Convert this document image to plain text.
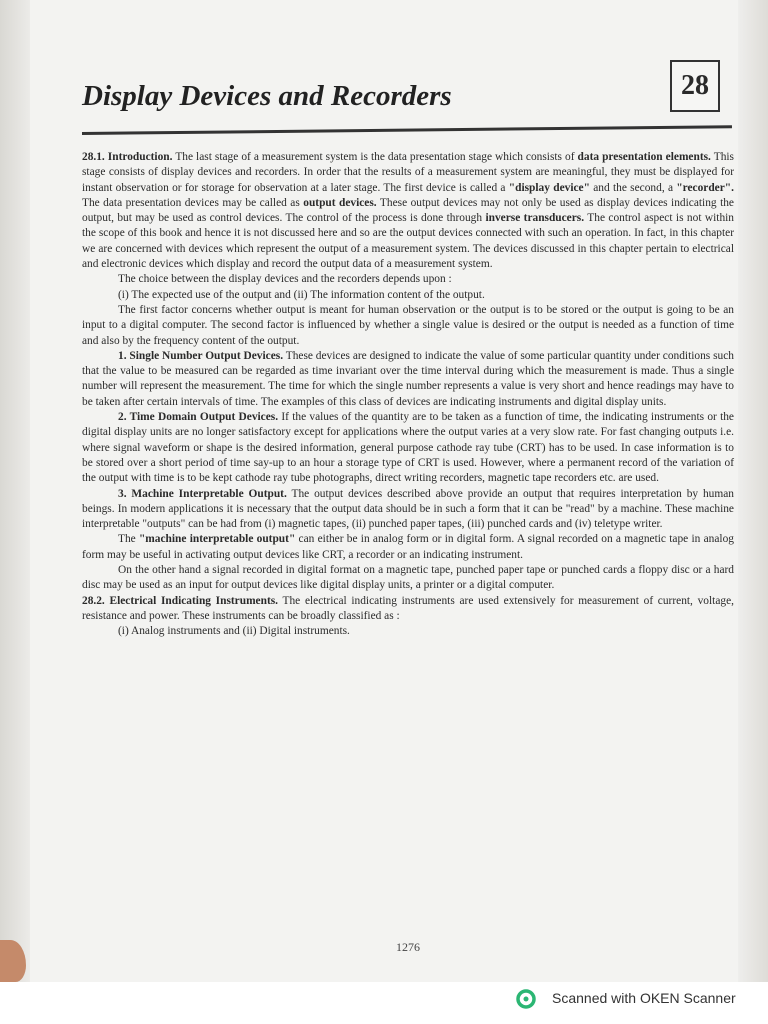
28
Display Devices and Recorders

28.1. Introduction. The last stage of a measurement system is the data presentation stage which consists of data presentation elements. This stage consists of display devices and recorders. In order that the results of a measurement system are meaningful, they must be displayed for instant observation or for storage for observation at a later stage. The first device is called a "display device" and the second, a "recorder". The data presentation devices may be called as output devices. These output devices may not only be used as display devices indicating the output, but may be used as control devices. The control of the process is done through inverse transducers. The control aspect is not within the scope of this book and hence it is not discussed here and so are the output devices connected with such an operation. In fact, in this chapter we are concerned with devices which represent the output of a measurement system. The devices discussed in this chapter pertain to electrical and electronic devices which display and record the output data of a measurement system.

The choice between the display devices and the recorders depends upon :

(i) The expected use of the output and (ii) The information content of the output.

The first factor concerns whether output is meant for human observation or the output is to be stored or the output is going to be an input to a digital computer. The second factor is influenced by whether a single value is desired or the output is needed as a function of time and also by the frequency content of the output.

1. Single Number Output Devices. These devices are designed to indicate the value of some particular quantity under conditions such that the value to be measured can be regarded as time invariant over the time interval during which the measurement is made. Thus a single number will represent the measurement. The time for which the single number represents a value is very short and hence readings may have to be taken after certain intervals of time. The examples of this class of devices are indicating instruments and digital display units.

2. Time Domain Output Devices. If the values of the quantity are to be taken as a function of time, the indicating instruments or the digital display units are no longer satisfactory except for applications where the output varies at a very slow rate. For fast changing outputs i.e. where signal waveform or shape is the desired information, general purpose cathode ray tube (CRT) has to be used. In case information is to be stored over a short period of time say-up to an hour a storage type of CRT is used. However, where a permanent record of the variation of the output with time is to be kept cathode ray tube photographs, direct writing recorders, magnetic tape recorders etc. are used.

3. Machine Interpretable Output. The output devices described above provide an output that requires interpretation by human beings. In modern applications it is necessary that the output data should be in such a form that it can be "read" by a machine. These machine interpretable "outputs" can be had from (i) magnetic tapes, (ii) punched paper tapes, (iii) punched cards and (iv) teletype writer.

The "machine interpretable output" can either be in analog form or in digital form. A signal recorded on a magnetic tape in analog form may be useful in activating output devices like CRT, a recorder or an indicating instrument.

On the other hand a signal recorded in digital format on a magnetic tape, punched paper tape or punched cards a floppy disc or a hard disc may be used as an input for output devices like digital display units, a printer or a digital computer.

28.2. Electrical Indicating Instruments. The electrical indicating instruments are used extensively for measurement of current, voltage, resistance and power. These instruments can be broadly classified as :

(i) Analog instruments and (ii) Digital instruments.

1276
Scanned with OKEN Scanner
